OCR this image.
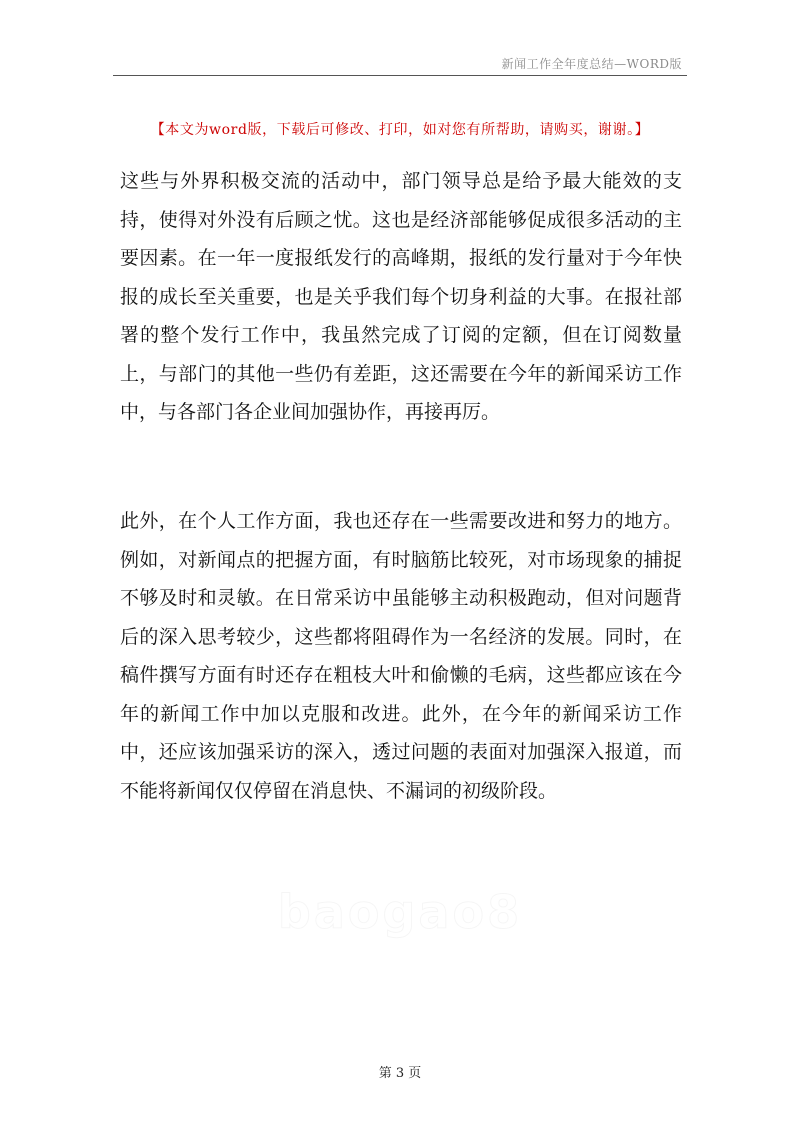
新闻工作全年度总结—WORD版
【本文为word版，下载后可修改、打印，如对您有所帮助，请购买，谢谢。】

这些与外界积极交流的活动中，部门领导总是给予最大能效的支持，使得对外没有后顾之忧。这也是经济部能够促成很多活动的主要因素。在一年一度报纸发行的高峰期，报纸的发行量对于今年快报的成长至关重要，也是关乎我们每个切身利益的大事。在报社部署的整个发行工作中，我虽然完成了订阅的定额，但在订阅数量上，与部门的其他一些仍有差距，这还需要在今年的新闻采访工作中，与各部门各企业间加强协作，再接再厉。

此外，在个人工作方面，我也还存在一些需要改进和努力的地方。例如，对新闻点的把握方面，有时脑筋比较死，对市场现象的捕捉不够及时和灵敏。在日常采访中虽能够主动积极跑动，但对问题背后的深入思考较少，这些都将阻碍作为一名经济的发展。同时，在稿件撰写方面有时还存在粗枝大叶和偷懒的毛病，这些都应该在今年的新闻工作中加以克服和改进。此外，在今年的新闻采访工作中，还应该加强采访的深入，透过问题的表面对加强深入报道，而不能将新闻仅仅停留在消息快、不漏词的初级阶段。

baogao8
第 3 页
